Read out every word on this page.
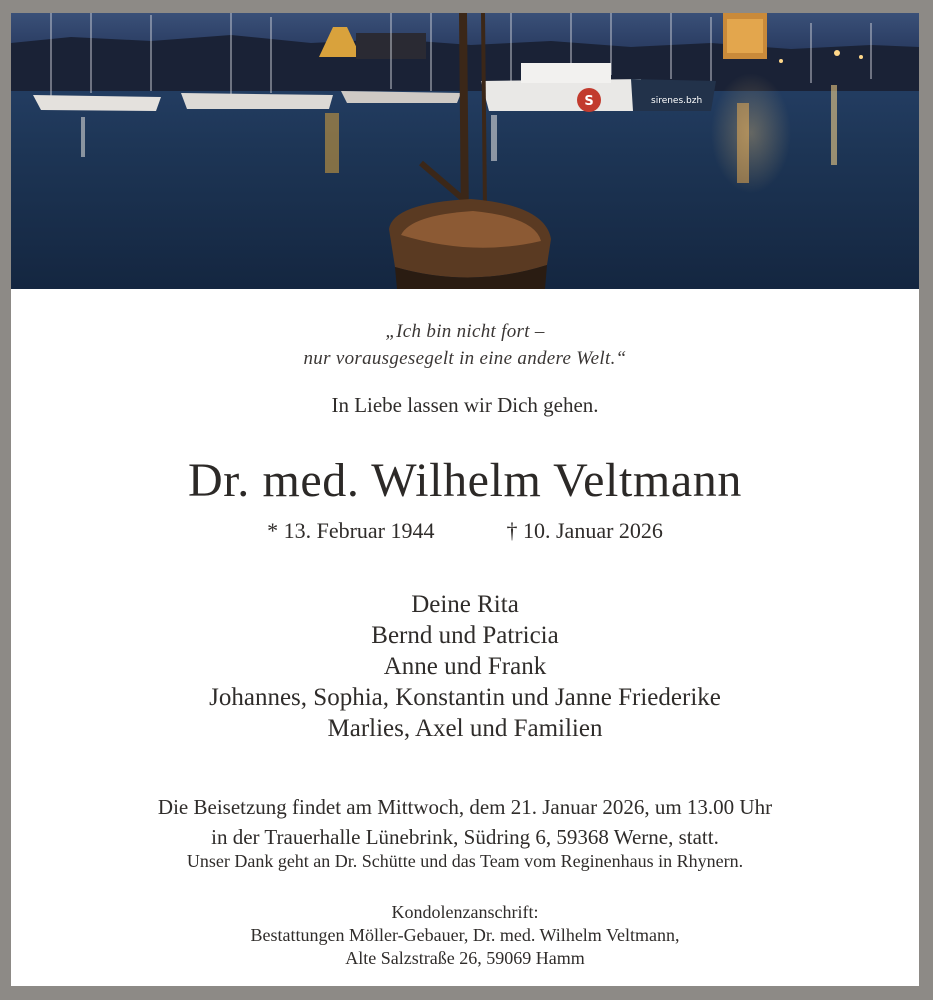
S	sirenes.bzh
„Ich bin nicht fort –
nur vorausgesegelt in eine andere Welt.“
In Liebe lassen wir Dich gehen.
Dr. med. Wilhelm Veltmann
* 13. Februar 1944	† 10. Januar 2026
Deine Rita
Bernd und Patricia
Anne und Frank
Johannes, Sophia, Konstantin und Janne Friederike
Marlies, Axel und Familien
Die Beisetzung findet am Mittwoch, dem 21. Januar 2026, um 13.00 Uhr
in der Trauerhalle Lünebrink, Südring 6, 59368 Werne, statt.
Unser Dank geht an Dr. Schütte und das Team vom Reginenhaus in Rhynern.
Kondolenzanschrift:
Bestattungen Möller-Gebauer, Dr. med. Wilhelm Veltmann,
Alte Salzstraße 26, 59069 Hamm
